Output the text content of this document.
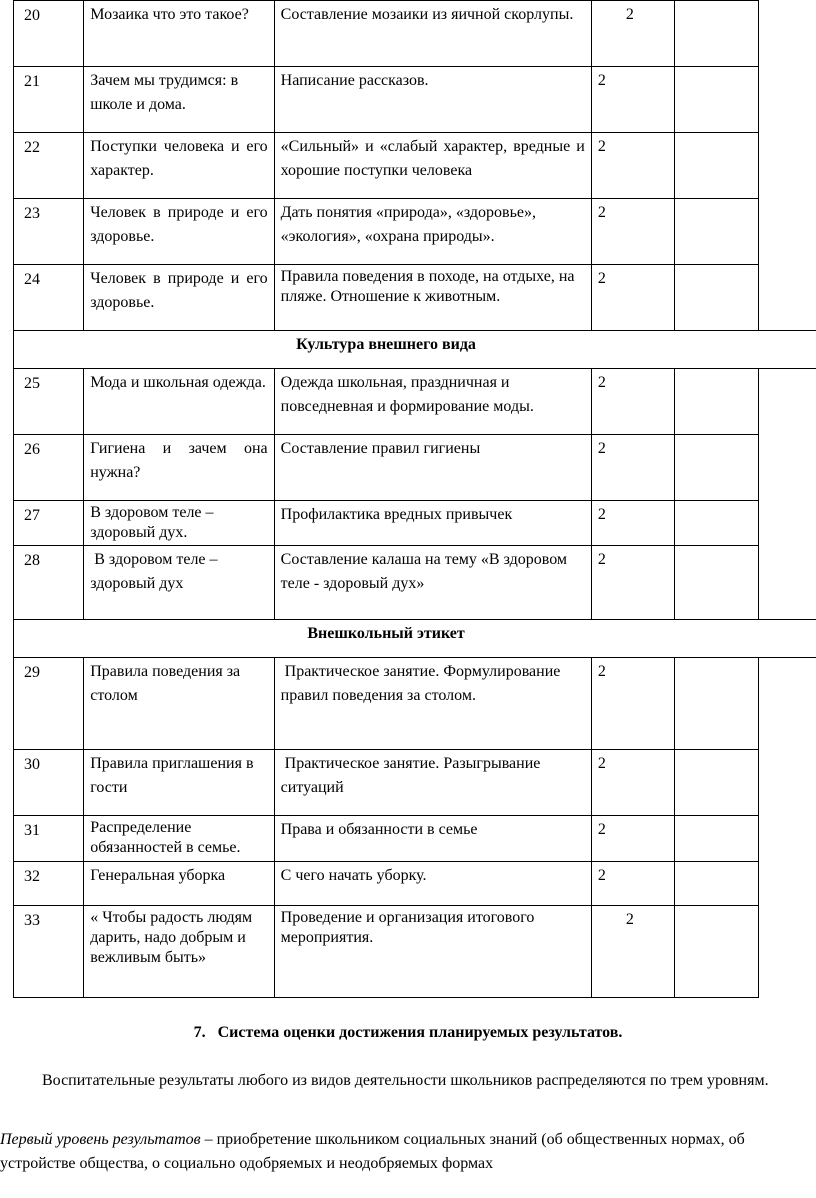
20	Мозаика что это такое?	Составление мозаики из яичной скорлупы.	2		
21	Зачем мы трудимся: в школе и дома.	Написание рассказов.	2		
22	Поступки человека и его характер.	«Сильный» и «слабый характер, вредные и хорошие поступки человека	2		
23	Человек в природе и его здоровье.	Дать понятия «природа», «здоровье», «экология», «охрана природы».	2		
24	Человек в природе и его здоровье.	Правила поведения в походе, на отдыхе, на пляже. Отношение к животным.	2		
Культура внешнего вида					
25	Мода и школьная одежда.	Одежда школьная, праздничная и повседневная и формирование моды.	2		
26	Гигиена и зачем она нужна?	Составление правил гигиены	2		
27	В здоровом теле – здоровый дух.	Профилактика вредных привычек	2		
28	В здоровом теле – здоровый дух	Составление калаша на тему «В здоровом теле - здоровый дух»	2		
Внешкольный этикет					
29	Правила поведения за столом	Практическое занятие. Формулирование правил поведения за столом.	2		
30	Правила приглашения в гости	Практическое занятие. Разыгрывание ситуаций	2		
31	Распределение обязанностей в семье.	Права и обязанности в семье	2		
32	Генеральная уборка	С чего начать уборку.	2		
33	« Чтобы радость людям дарить, надо добрым и вежливым быть»	Проведение и организация итогового мероприятия.	2		
7.   Система оценки достижения планируемых результатов.
Воспитательные результаты любого из видов деятельности школьников распределяются по трем уровням.
Первый уровень результатов – приобретение школьником социальных знаний (об общественных нормах, об устройстве общества, о социально одобряемых и неодобряемых формах
